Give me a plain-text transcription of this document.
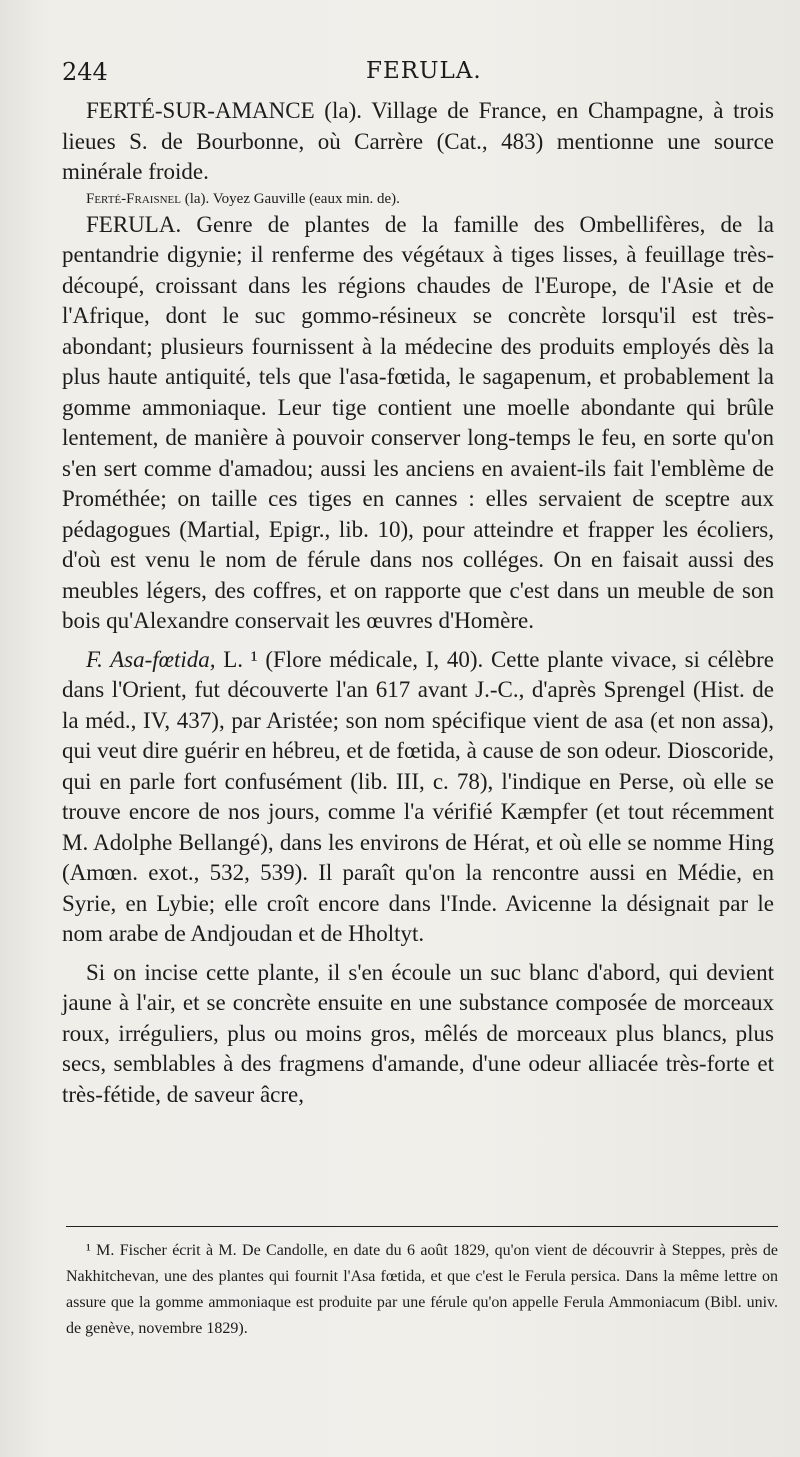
244	FERULA.

FERTÉ-SUR-AMANCE (la). Village de France, en Champagne, à trois lieues S. de Bourbonne, où Carrère (Cat., 483) mentionne une source minérale froide.

Ferté-Fraisnel (la). Voyez Gauville (eaux min. de).

FERULA. Genre de plantes de la famille des Ombellifères, de la pentandrie digynie; il renferme des végétaux à tiges lisses, à feuillage très-découpé, croissant dans les régions chaudes de l'Europe, de l'Asie et de l'Afrique, dont le suc gommo-résineux se concrète lorsqu'il est très-abondant; plusieurs fournissent à la médecine des produits employés dès la plus haute antiquité, tels que l'asa-fœtida, le sagapenum, et probablement la gomme ammoniaque. Leur tige contient une moelle abondante qui brûle lentement, de manière à pouvoir conserver long-temps le feu, en sorte qu'on s'en sert comme d'amadou; aussi les anciens en avaient-ils fait l'emblème de Prométhée; on taille ces tiges en cannes : elles servaient de sceptre aux pédagogues (Martial, Epigr., lib. 10), pour atteindre et frapper les écoliers, d'où est venu le nom de férule dans nos colléges. On en faisait aussi des meubles légers, des coffres, et on rapporte que c'est dans un meuble de son bois qu'Alexandre conservait les œuvres d'Homère.

F. Asa-fœtida, L. ¹ (Flore médicale, I, 40). Cette plante vivace, si célèbre dans l'Orient, fut découverte l'an 617 avant J.-C., d'après Sprengel (Hist. de la méd., IV, 437), par Aristée; son nom spécifique vient de asa (et non assa), qui veut dire guérir en hébreu, et de fœtida, à cause de son odeur. Dioscoride, qui en parle fort confusément (lib. III, c. 78), l'indique en Perse, où elle se trouve encore de nos jours, comme l'a vérifié Kæmpfer (et tout récemment M. Adolphe Bellangé), dans les environs de Hérat, et où elle se nomme Hing (Amœn. exot., 532, 539). Il paraît qu'on la rencontre aussi en Médie, en Syrie, en Lybie; elle croît encore dans l'Inde. Avicenne la désignait par le nom arabe de Andjoudan et de Hholtyt.

Si on incise cette plante, il s'en écoule un suc blanc d'abord, qui devient jaune à l'air, et se concrète ensuite en une substance composée de morceaux roux, irréguliers, plus ou moins gros, mêlés de morceaux plus blancs, plus secs, semblables à des fragmens d'amande, d'une odeur alliacée très-forte et très-fétide, de saveur âcre,

¹ M. Fischer écrit à M. De Candolle, en date du 6 août 1829, qu'on vient de découvrir à Steppes, près de Nakhitchevan, une des plantes qui fournit l'Asa fœtida, et que c'est le Ferula persica. Dans la même lettre on assure que la gomme ammoniaque est produite par une férule qu'on appelle Ferula Ammoniacum (Bibl. univ. de genève, novembre 1829).
